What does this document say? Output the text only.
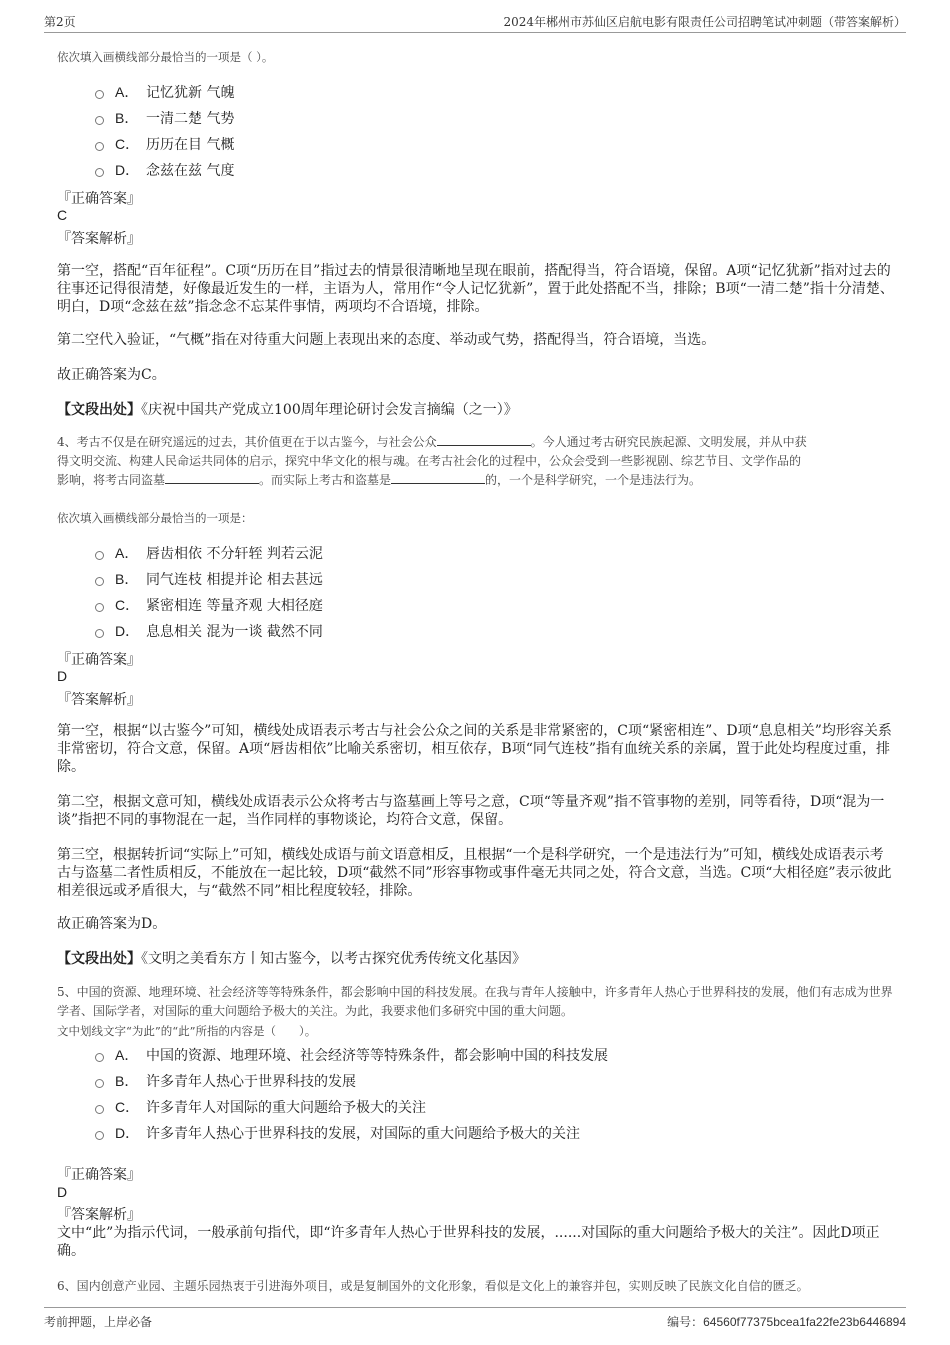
第2页	2024年郴州市苏仙区启航电影有限责任公司招聘笔试冲刺题（带答案解析）
依次填入画横线部分最恰当的一项是（ ）。
A． 记忆犹新 气魄
B． 一清二楚 气势
C． 历历在目 气概
D． 念兹在兹 气度
『正确答案』
C
『答案解析』
第一空，搭配“百年征程”。C项“历历在目”指过去的情景很清晰地呈现在眼前，搭配得当，符合语境，保留。A项“记忆犹新”指对过去的往事还记得很清楚，好像最近发生的一样，主语为人，常用作“令人记忆犹新”，置于此处搭配不当，排除；B项“一清二楚”指十分清楚、明白，D项“念兹在兹”指念念不忘某件事情，两项均不合语境，排除。
第二空代入验证，“气概”指在对待重大问题上表现出来的态度、举动或气势，搭配得当，符合语境，当选。
故正确答案为C。
【文段出处】《庆祝中国共产党成立100周年理论研讨会发言摘编（之一）》
4、考古不仅是在研究遥远的过去，其价值更在于以古鉴今，与社会公众	。今人通过考古研究民族起源、文明发展，并从中获
得文明交流、构建人民命运共同体的启示，探究中华文化的根与魂。在考古社会化的过程中，公众会受到一些影视剧、综艺节目、文学作品的
影响，将考古同盗墓	。而实际上考古和盗墓是	的，一个是科学研究，一个是违法行为。
依次填入画横线部分最恰当的一项是：
A． 唇齿相依 不分轩轾 判若云泥
B． 同气连枝 相提并论 相去甚远
C． 紧密相连 等量齐观 大相径庭
D． 息息相关 混为一谈 截然不同
『正确答案』
D
『答案解析』
第一空，根据“以古鉴今”可知，横线处成语表示考古与社会公众之间的关系是非常紧密的，C项“紧密相连”、D项“息息相关”均形容关系非常密切，符合文意，保留。A项“唇齿相依”比喻关系密切，相互依存，B项“同气连枝”指有血统关系的亲属，置于此处均程度过重，排除。
第二空，根据文意可知，横线处成语表示公众将考古与盗墓画上等号之意，C项“等量齐观”指不管事物的差别，同等看待，D项“混为一谈”指把不同的事物混在一起，当作同样的事物谈论，均符合文意，保留。
第三空，根据转折词“实际上”可知，横线处成语与前文语意相反，且根据“一个是科学研究，一个是违法行为”可知，横线处成语表示考古与盗墓二者性质相反，不能放在一起比较，D项“截然不同”形容事物或事件毫无共同之处，符合文意，当选。C项“大相径庭”表示彼此相差很远或矛盾很大，与“截然不同”相比程度较轻，排除。
故正确答案为D。
【文段出处】《文明之美看东方丨知古鉴今，以考古探究优秀传统文化基因》
5、中国的资源、地理环境、社会经济等等特殊条件，都会影响中国的科技发展。在我与青年人接触中，许多青年人热心于世界科技的发展，他们有志成为世界学者、国际学者，对国际的重大问题给予极大的关注。为此，我要求他们多研究中国的重大问题。
文中划线文字“为此”的“此”所指的内容是（　　）。
A． 中国的资源、地理环境、社会经济等等特殊条件，都会影响中国的科技发展
B． 许多青年人热心于世界科技的发展
C． 许多青年人对国际的重大问题给予极大的关注
D． 许多青年人热心于世界科技的发展，对国际的重大问题给予极大的关注
『正确答案』
D
『答案解析』
文中“此”为指示代词，一般承前句指代，即“许多青年人热心于世界科技的发展，......对国际的重大问题给予极大的关注”。因此D项正确。
6、国内创意产业园、主题乐园热衷于引进海外项目，或是复制国外的文化形象，看似是文化上的兼容并包，实则反映了民族文化自信的匮乏。
考前押题，上岸必备	编号：64560f77375bcea1fa22fe23b6446894
